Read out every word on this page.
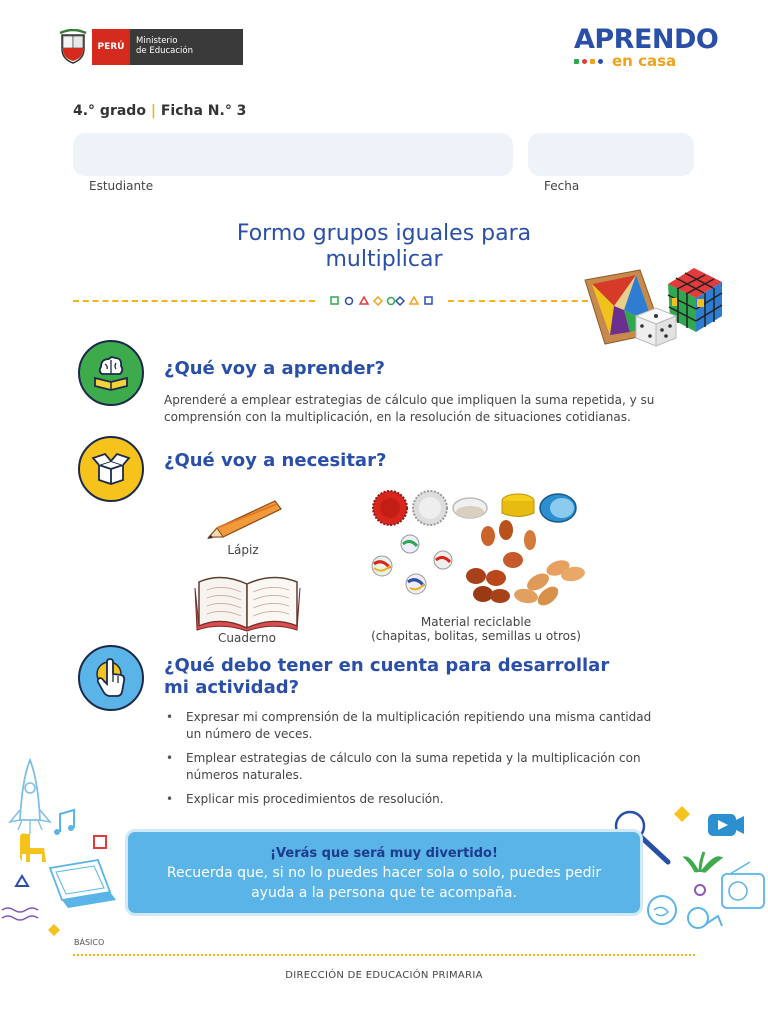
PERÚ
Ministerio
de Educación	APRENDO
en casa
4.° grado | Ficha N.° 3
Estudiante	Fecha
Formo grupos iguales para
multiplicar
¿Qué voy a aprender?
Aprenderé a emplear estrategias de cálculo que impliquen la suma repetida, y su
comprensión con la multiplicación, en la resolución de situaciones cotidianas.
¿Qué voy a necesitar?
Lápiz
Cuaderno
Material reciclable
(chapitas, bolitas, semillas u otros)
¿Qué debo tener en cuenta para desarrollar
mi actividad?
• Expresar mi comprensión de la multiplicación repitiendo una misma cantidad
un número de veces.
• Emplear estrategias de cálculo con la suma repetida y la multiplicación con
números naturales.
• Explicar mis procedimientos de resolución.
¡Verás que será muy divertido!
Recuerda que, si no lo puedes hacer sola o solo, puedes pedir
ayuda a la persona que te acompaña.
BÁSICO
DIRECCIÓN DE EDUCACIÓN PRIMARIA
